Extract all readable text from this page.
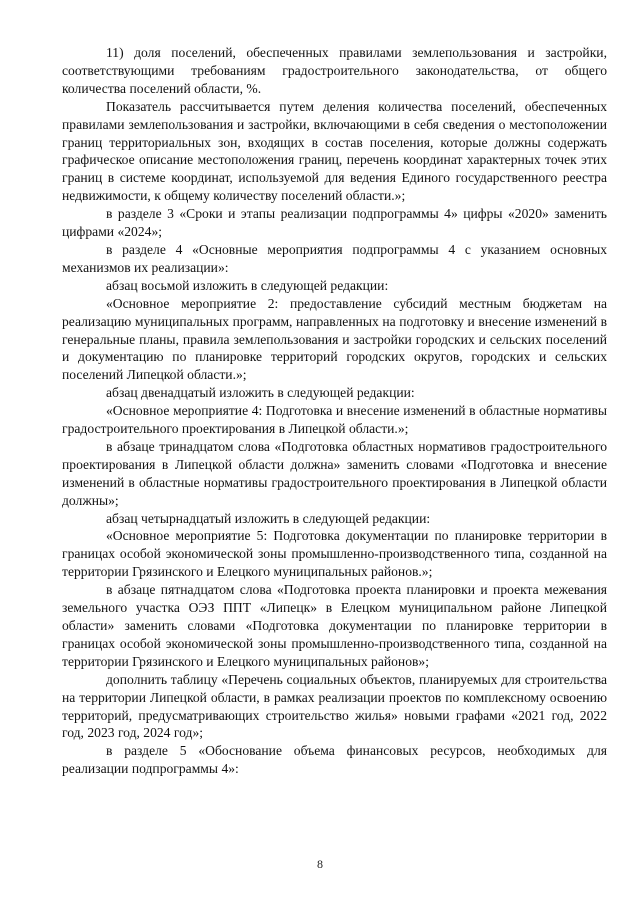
11) доля поселений, обеспеченных правилами землепользования и застройки, соответствующими требованиям градостроительного законодательства, от общего количества поселений области, %.

Показатель рассчитывается путем деления количества поселений, обеспеченных правилами землепользования и застройки, включающими в себя сведения о местоположении границ территориальных зон, входящих в состав поселения, которые должны содержать графическое описание местоположения границ, перечень координат характерных точек этих границ в системе координат, используемой для ведения Единого государственного реестра недвижимости, к общему количеству поселений области.»;

в разделе 3 «Сроки и этапы реализации подпрограммы 4» цифры «2020» заменить цифрами «2024»;

в разделе 4 «Основные мероприятия подпрограммы 4 с указанием основных механизмов их реализации»:

абзац восьмой изложить в следующей редакции:

«Основное мероприятие 2: предоставление субсидий местным бюджетам на реализацию муниципальных программ, направленных на подготовку и внесение изменений в генеральные планы, правила землепользования и застройки городских и сельских поселений и документацию по планировке территорий городских округов, городских и сельских поселений Липецкой области.»;

абзац двенадцатый изложить в следующей редакции:

«Основное мероприятие 4: Подготовка и внесение изменений в областные нормативы градостроительного проектирования в Липецкой области.»;

в абзаце тринадцатом слова «Подготовка областных нормативов градостроительного проектирования в Липецкой области должна» заменить словами «Подготовка и внесение изменений в областные нормативы градостроительного проектирования в Липецкой области должны»;

абзац четырнадцатый изложить в следующей редакции:

«Основное мероприятие 5: Подготовка документации по планировке территории в границах особой экономической зоны промышленно-производственного типа, созданной на территории Грязинского и Елецкого муниципальных районов.»;

в абзаце пятнадцатом слова «Подготовка проекта планировки и проекта межевания земельного участка ОЭЗ ППТ «Липецк» в Елецком муниципальном районе Липецкой области» заменить словами «Подготовка документации по планировке территории в границах особой экономической зоны промышленно-производственного типа, созданной на территории Грязинского и Елецкого муниципальных районов»;

дополнить таблицу «Перечень социальных объектов, планируемых для строительства на территории Липецкой области, в рамках реализации проектов по комплексному освоению территорий, предусматривающих строительство жилья» новыми графами «2021 год, 2022 год, 2023 год, 2024 год»;

в разделе 5 «Обоснование объема финансовых ресурсов, необходимых для реализации подпрограммы 4»:

8
